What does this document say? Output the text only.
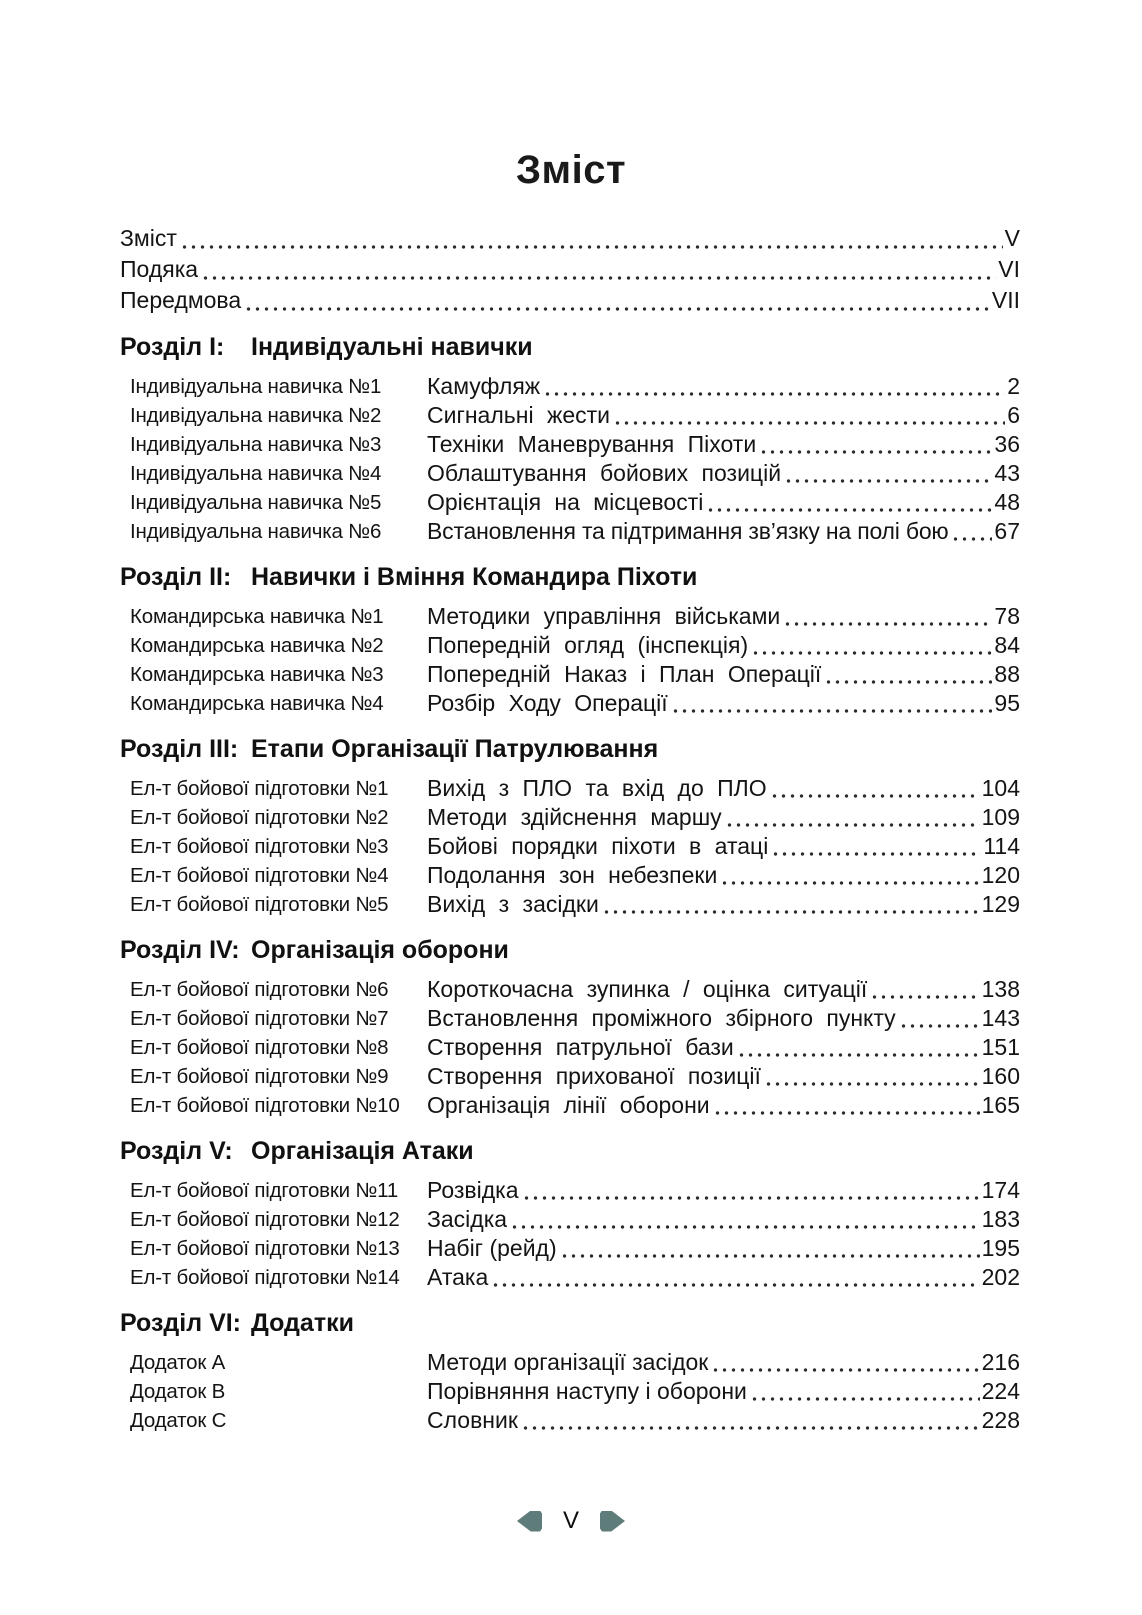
Зміст
Зміст	V
Подяка	VI
Передмова	VII
Розділ I:	Індивідуальні навички
Індивідуальна навичка №1	Камуфляж	2
Індивідуальна навичка №2	Сигнальні жести	6
Індивідуальна навичка №3	Техніки Маневрування Піхоти	36
Індивідуальна навичка №4	Облаштування бойових позицій	43
Індивідуальна навичка №5	Орієнтація на місцевості	48
Індивідуальна навичка №6	Встановлення та підтримання зв’язку на полі бою 67
Розділ II: Навички і Вміння Командира Піхоти
Командирська навичка №1	Методики управління військами	78
Командирська навичка №2	Попередній огляд (інспекція)	84
Командирська навичка №3	Попередній Наказ і План Операції	88
Командирська навичка №4	Розбір Ходу Операції	95
Розділ III: Етапи Організації Патрулювання
Ел-т бойової підготовки №1	Вихід з ПЛО та вхід до ПЛО	104
Ел-т бойової підготовки №2	Методи здійснення маршу	109
Ел-т бойової підготовки №3	Бойові порядки піхоти в атаці	114
Ел-т бойової підготовки №4	Подолання зон небезпеки	120
Ел-т бойової підготовки №5	Вихід з засідки	129
Розділ IV: Організація оборони
Ел-т бойової підготовки №6	Короткочасна зупинка / оцінка ситуації	138
Ел-т бойової підготовки №7	Встановлення проміжного збірного пункту	143
Ел-т бойової підготовки №8	Створення патрульної бази	151
Ел-т бойової підготовки №9	Створення прихованої позиції	160
Ел-т бойової підготовки №10	Організація лінії оборони	165
Розділ V: Організація Атаки
Ел-т бойової підготовки №11	Розвідка	174
Ел-т бойової підготовки №12	Засідка	183
Ел-т бойової підготовки №13	Набіг (рейд)	195
Ел-т бойової підготовки №14	Атака	202
Розділ VI: Додатки
Додаток A	Методи організації засідок	216
Додаток B	Порівняння наступу і оборони	224
Додаток C	Словник	228
V
